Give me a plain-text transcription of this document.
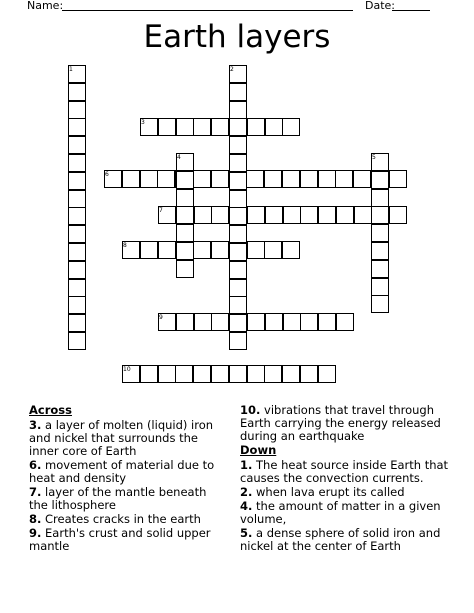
Name:	Date:
Earth layers
1	2
3
4	5
6
7
8
9
10
Across

3. a layer of molten (liquid) iron and nickel that surrounds the inner core of Earth

6. movement of material due to heat and density

7. layer of the mantle beneath the lithosphere

8. Creates cracks in the earth

9. Earth's crust and solid upper mantle

10. vibrations that travel through Earth carrying the energy released during an earthquake

Down

1. The heat source inside Earth that causes the convection currents.

2. when lava erupt its called

4. the amount of matter in a given volume,

5. a dense sphere of solid iron and nickel at the center of Earth
